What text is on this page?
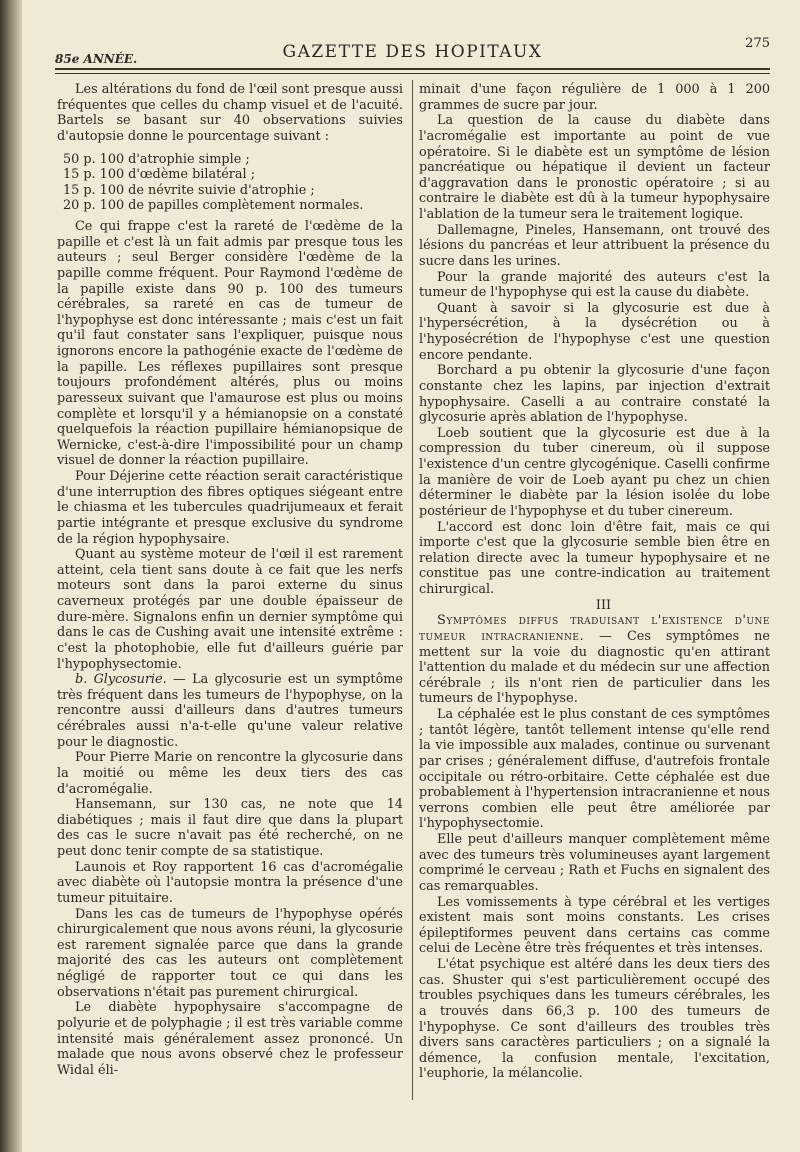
85e ANNÉE.	GAZETTE DES HOPITAUX	275

Les altérations du fond de l'œil sont presque aussi fréquentes que celles du champ visuel et de l'acuité. Bartels se basant sur 40 observations suivies d'autopsie donne le pourcentage suivant :

50 p. 100 d'atrophie simple ;
15 p. 100 d'œdème bilatéral ;
15 p. 100 de névrite suivie d'atrophie ;
20 p. 100 de papilles complètement normales.

Ce qui frappe c'est la rareté de l'œdème de la papille et c'est là un fait admis par presque tous les auteurs ; seul Berger considère l'œdème de la papille comme fréquent. Pour Raymond l'œdème de la papille existe dans 90 p. 100 des tumeurs cérébrales, sa rareté en cas de tumeur de l'hypophyse est donc intéressante ; mais c'est un fait qu'il faut constater sans l'expliquer, puisque nous ignorons encore la pathogénie exacte de l'œdème de la papille. Les réflexes pupillaires sont presque toujours profondément altérés, plus ou moins paresseux suivant que l'amaurose est plus ou moins complète et lorsqu'il y a hémianopsie on a constaté quelquefois la réaction pupillaire hémianopsique de Wernicke, c'est-à-dire l'impossibilité pour un champ visuel de donner la réaction pupillaire.

Pour Déjerine cette réaction serait caractéristique d'une interruption des fibres optiques siégeant entre le chiasma et les tubercules quadrijumeaux et ferait partie intégrante et presque exclusive du syndrome de la région hypophysaire.

Quant au système moteur de l'œil il est rarement atteint, cela tient sans doute à ce fait que les nerfs moteurs sont dans la paroi externe du sinus caverneux protégés par une double épaisseur de dure-mère. Signalons enfin un dernier symptôme qui dans le cas de Cushing avait une intensité extrême : c'est la photophobie, elle fut d'ailleurs guérie par l'hypophysectomie.

b. Glycosurie. — La glycosurie est un symptôme très fréquent dans les tumeurs de l'hypophyse, on la rencontre aussi d'ailleurs dans d'autres tumeurs cérébrales aussi n'a-t-elle qu'une valeur relative pour le diagnostic.

Pour Pierre Marie on rencontre la glycosurie dans la moitié ou même les deux tiers des cas d'acromégalie.

Hansemann, sur 130 cas, ne note que 14 diabétiques ; mais il faut dire que dans la plupart des cas le sucre n'avait pas été recherché, on ne peut donc tenir compte de sa statistique.

Launois et Roy rapportent 16 cas d'acromégalie avec diabète où l'autopsie montra la présence d'une tumeur pituitaire.

Dans les cas de tumeurs de l'hypophyse opérés chirurgicalement que nous avons réuni, la glycosurie est rarement signalée parce que dans la grande majorité des cas les auteurs ont complètement négligé de rapporter tout ce qui dans les observations n'était pas purement chirurgical.

Le diabète hypophysaire s'accompagne de polyurie et de polyphagie ; il est très variable comme intensité mais généralement assez prononcé. Un malade que nous avons observé chez le professeur Widal éli-

minait d'une façon régulière de 1 000 à 1 200 grammes de sucre par jour.

La question de la cause du diabète dans l'acromégalie est importante au point de vue opératoire. Si le diabète est un symptôme de lésion pancréatique ou hépatique il devient un facteur d'aggravation dans le pronostic opératoire ; si au contraire le diabète est dû à la tumeur hypophysaire l'ablation de la tumeur sera le traitement logique.

Dallemagne, Pineles, Hansemann, ont trouvé des lésions du pancréas et leur attribuent la présence du sucre dans les urines.

Pour la grande majorité des auteurs c'est la tumeur de l'hypophyse qui est la cause du diabète.

Quant à savoir si la glycosurie est due à l'hypersécrétion, à la dysécrétion ou à l'hyposécrétion de l'hypophyse c'est une question encore pendante.

Borchard a pu obtenir la glycosurie d'une façon constante chez les lapins, par injection d'extrait hypophysaire. Caselli a au contraire constaté la glycosurie après ablation de l'hypophyse.

Loeb soutient que la glycosurie est due à la compression du tuber cinereum, où il suppose l'existence d'un centre glycogénique. Caselli confirme la manière de voir de Loeb ayant pu chez un chien déterminer le diabète par la lésion isolée du lobe postérieur de l'hypophyse et du tuber cinereum.

L'accord est donc loin d'être fait, mais ce qui importe c'est que la glycosurie semble bien être en relation directe avec la tumeur hypophysaire et ne constitue pas une contre-indication au traitement chirurgical.

III

Symptômes diffus traduisant l'existence d'une tumeur intracranienne. — Ces symptômes ne mettent sur la voie du diagnostic qu'en attirant l'attention du malade et du médecin sur une affection cérébrale ; ils n'ont rien de particulier dans les tumeurs de l'hypophyse.

La céphalée est le plus constant de ces symptômes ; tantôt légère, tantôt tellement intense qu'elle rend la vie impossible aux malades, continue ou survenant par crises ; généralement diffuse, d'autrefois frontale occipitale ou rétro-orbitaire. Cette céphalée est due probablement à l'hypertension intracranienne et nous verrons combien elle peut être améliorée par l'hypophysectomie.

Elle peut d'ailleurs manquer complètement même avec des tumeurs très volumineuses ayant largement comprimé le cerveau ; Rath et Fuchs en signalent des cas remarquables.

Les vomissements à type cérébral et les vertiges existent mais sont moins constants. Les crises épileptiformes peuvent dans certains cas comme celui de Lecène être très fréquentes et très intenses.

L'état psychique est altéré dans les deux tiers des cas. Shuster qui s'est particulièrement occupé des troubles psychiques dans les tumeurs cérébrales, les a trouvés dans 66,3 p. 100 des tumeurs de l'hypophyse. Ce sont d'ailleurs des troubles très divers sans caractères particuliers ; on a signalé la démence, la confusion mentale, l'excitation, l'euphorie, la mélancolie.
